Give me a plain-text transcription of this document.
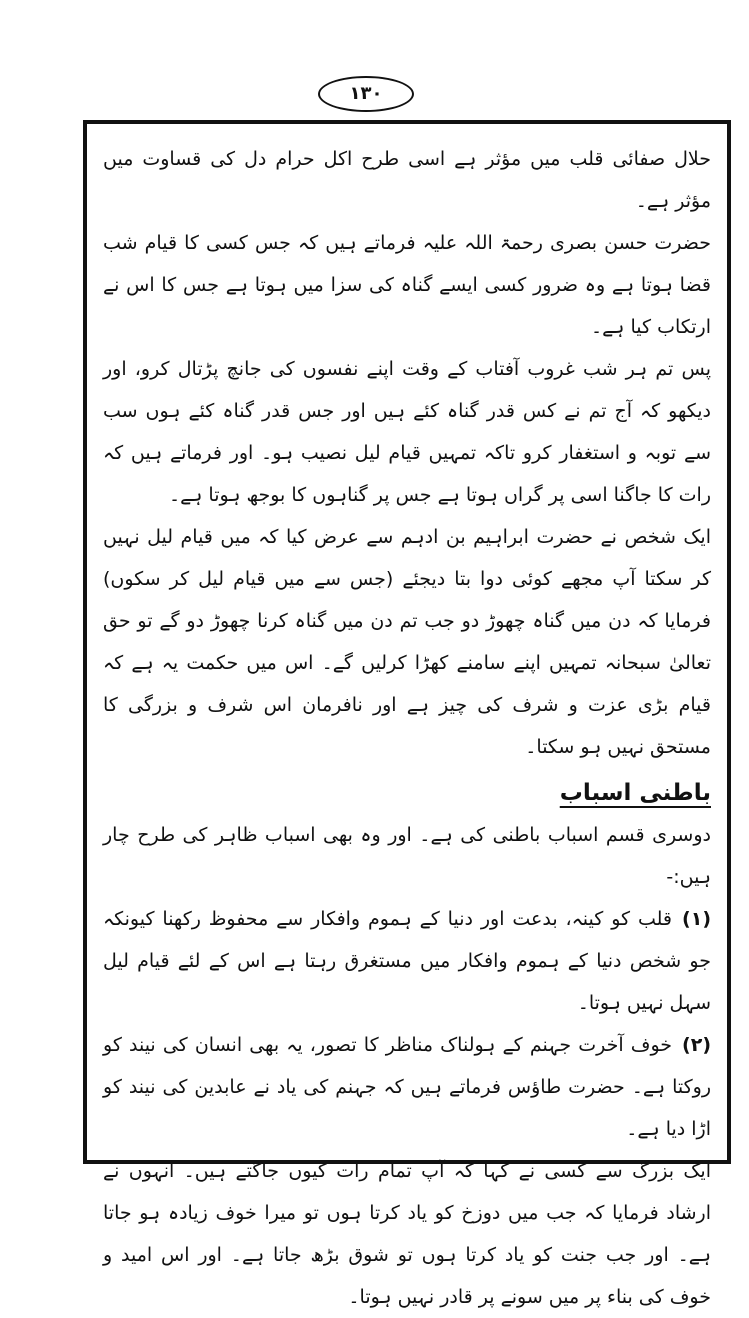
۱۳۰

حلال صفائی قلب میں مؤثر ہے اسی طرح اکل حرام دل کی قساوت میں مؤثر ہے۔

حضرت حسن بصری رحمۃ اللہ علیہ فرماتے ہیں کہ جس کسی کا قیام شب قضا ہوتا ہے وہ ضرور کسی ایسے گناہ کی سزا میں ہوتا ہے جس کا اس نے ارتکاب کیا ہے۔

پس تم ہر شب غروب آفتاب کے وقت اپنے نفسوں کی جانچ پڑتال کرو، اور دیکھو کہ آج تم نے کس قدر گناہ کئے ہیں اور جس قدر گناہ کئے ہوں سب سے توبہ و استغفار کرو تاکہ تمہیں قیام لیل نصیب ہو۔ اور فرماتے ہیں کہ رات کا جاگنا اسی پر گراں ہوتا ہے جس پر گناہوں کا بوجھ ہوتا ہے۔

ایک شخص نے حضرت ابراہیم بن ادہم سے عرض کیا کہ میں قیام لیل نہیں کر سکتا آپ مجھے کوئی دوا بتا دیجئے (جس سے میں قیام لیل کر سکوں) فرمایا کہ دن میں گناہ چھوڑ دو جب تم دن میں گناہ کرنا چھوڑ دو گے تو حق تعالیٰ سبحانہ تمہیں اپنے سامنے کھڑا کرلیں گے۔ اس میں حکمت یہ ہے کہ قیام بڑی عزت و شرف کی چیز ہے اور نافرمان اس شرف و بزرگی کا مستحق نہیں ہو سکتا۔

باطنی اسباب

دوسری قسم اسباب باطنی کی ہے۔ اور وہ بھی اسباب ظاہر کی طرح چار ہیں:-

(۱)قلب کو کینہ، بدعت اور دنیا کے ہموم وافکار سے محفوظ رکھنا کیونکہ جو شخص دنیا کے ہموم وافکار میں مستغرق رہتا ہے اس کے لئے قیام لیل سہل نہیں ہوتا۔

(۲)خوف آخرت جہنم کے ہولناک مناظر کا تصور، یہ بھی انسان کی نیند کو روکتا ہے۔ حضرت طاؤس فرماتے ہیں کہ جہنم کی یاد نے عابدین کی نیند کو اڑا دیا ہے۔

ایک بزرگ سے کسی نے کہا کہ آپ تمام رات کیوں جاگتے ہیں۔ انہوں نے ارشاد فرمایا کہ جب میں دوزخ کو یاد کرتا ہوں تو میرا خوف زیادہ ہو جاتا ہے۔ اور جب جنت کو یاد کرتا ہوں تو شوق بڑھ جاتا ہے۔ اور اس امید و خوف کی بناء پر میں سونے پر قادر نہیں ہوتا۔
